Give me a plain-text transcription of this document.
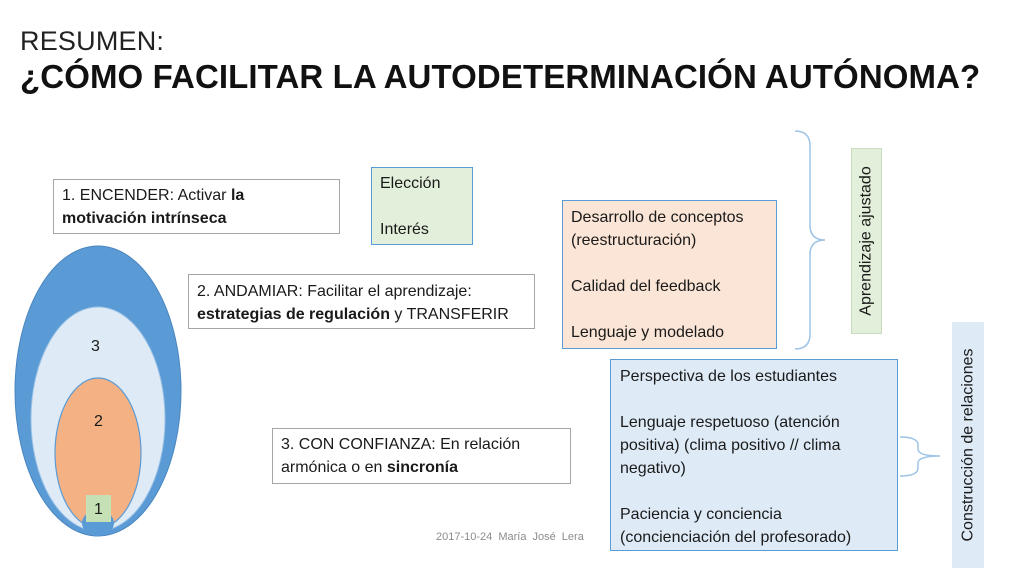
RESUMEN:
¿CÓMO FACILITAR LA AUTODETERMINACIÓN AUTÓNOMA?
1. ENCENDER: Activar la
motivación intrínseca
2. ANDAMIAR: Facilitar el aprendizaje:
estrategias de regulación y TRANSFERIR
3. CON CONFIANZA: En relación
armónica o en sincronía
Elección
Interés
Desarrollo de conceptos
(reestructuración)
Calidad del feedback
Lenguaje y modelado
Perspectiva de los estudiantes
Lenguaje respetuoso (atención
positiva) (clima positivo // clima
negativo)
Paciencia y conciencia
(concienciación del profesorado)
Aprendizaje ajustado
Construcción de relaciones
3
2
1
2017-10-24 María José Lera
